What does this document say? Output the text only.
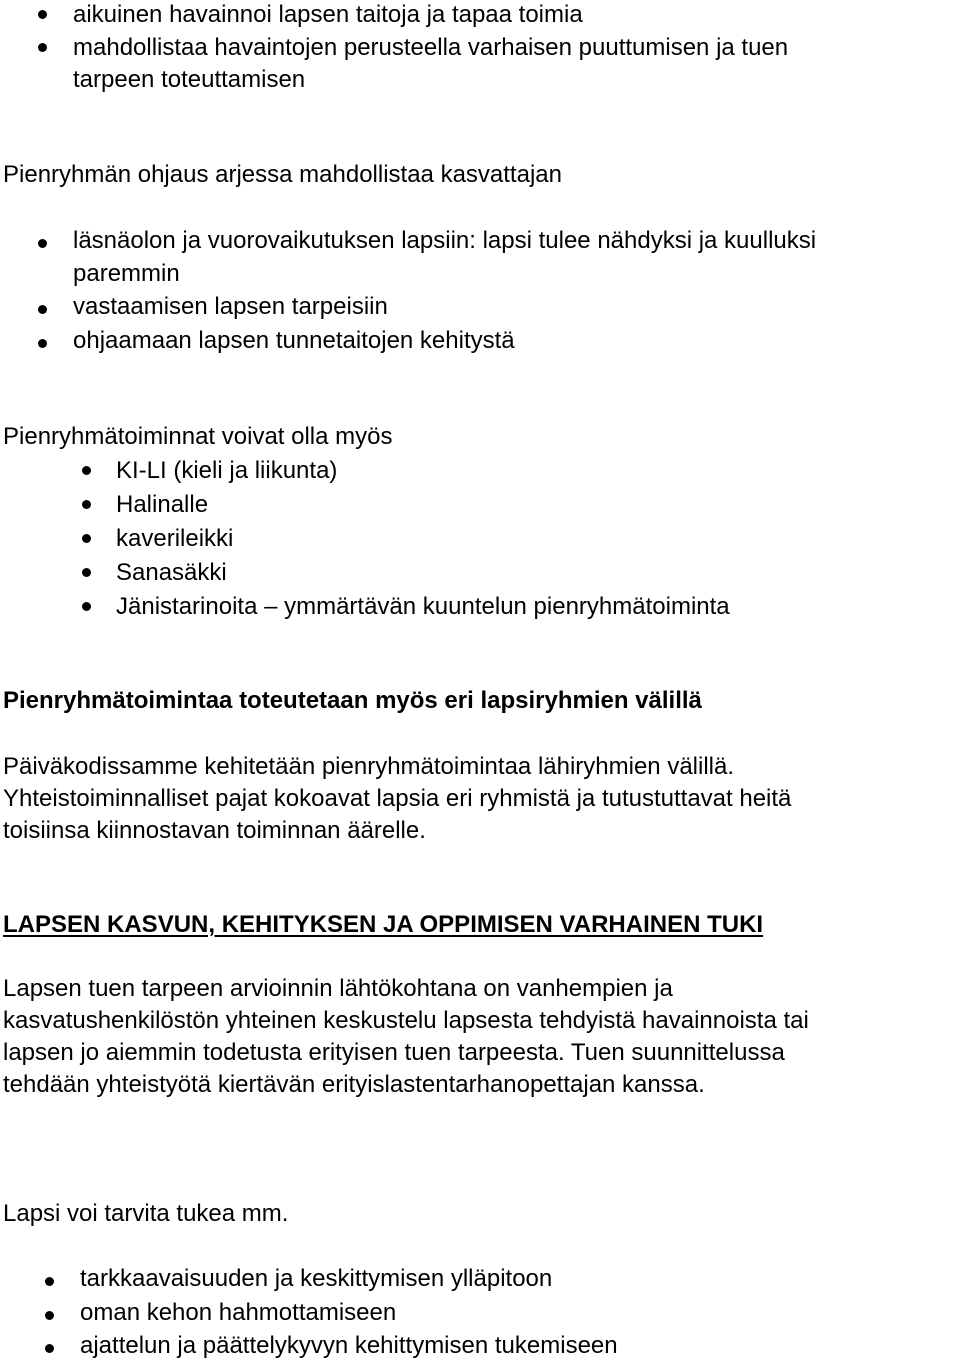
aikuinen havainnoi lapsen taitoja ja tapaa toimia
mahdollistaa havaintojen perusteella varhaisen puuttumisen ja tuen
tarpeen toteuttamisen
Pienryhmän ohjaus arjessa mahdollistaa kasvattajan
läsnäolon ja vuorovaikutuksen lapsiin: lapsi tulee nähdyksi ja kuulluksi
paremmin
vastaamisen lapsen tarpeisiin
ohjaamaan lapsen tunnetaitojen kehitystä
Pienryhmätoiminnat voivat olla myös
KI-LI (kieli ja liikunta)
Halinalle
kaverileikki
Sanasäkki
Jänistarinoita – ymmärtävän kuuntelun pienryhmätoiminta
Pienryhmätoimintaa toteutetaan myös eri lapsiryhmien välillä
Päiväkodissamme kehitetään pienryhmätoimintaa lähiryhmien välillä.
Yhteistoiminnalliset pajat kokoavat lapsia eri ryhmistä ja tutustuttavat heitä
toisiinsa kiinnostavan toiminnan äärelle.
LAPSEN KASVUN, KEHITYKSEN JA OPPIMISEN VARHAINEN TUKI
Lapsen tuen tarpeen arvioinnin lähtökohtana on vanhempien ja
kasvatushenkilöstön yhteinen keskustelu lapsesta tehdyistä havainnoista tai
lapsen jo aiemmin todetusta erityisen tuen tarpeesta. Tuen suunnittelussa
tehdään yhteistyötä kiertävän erityislastentarhanopettajan kanssa.
Lapsi voi tarvita tukea mm.
tarkkaavaisuuden ja keskittymisen ylläpitoon
oman kehon hahmottamiseen
ajattelun ja päättelykyvyn kehittymisen tukemiseen
